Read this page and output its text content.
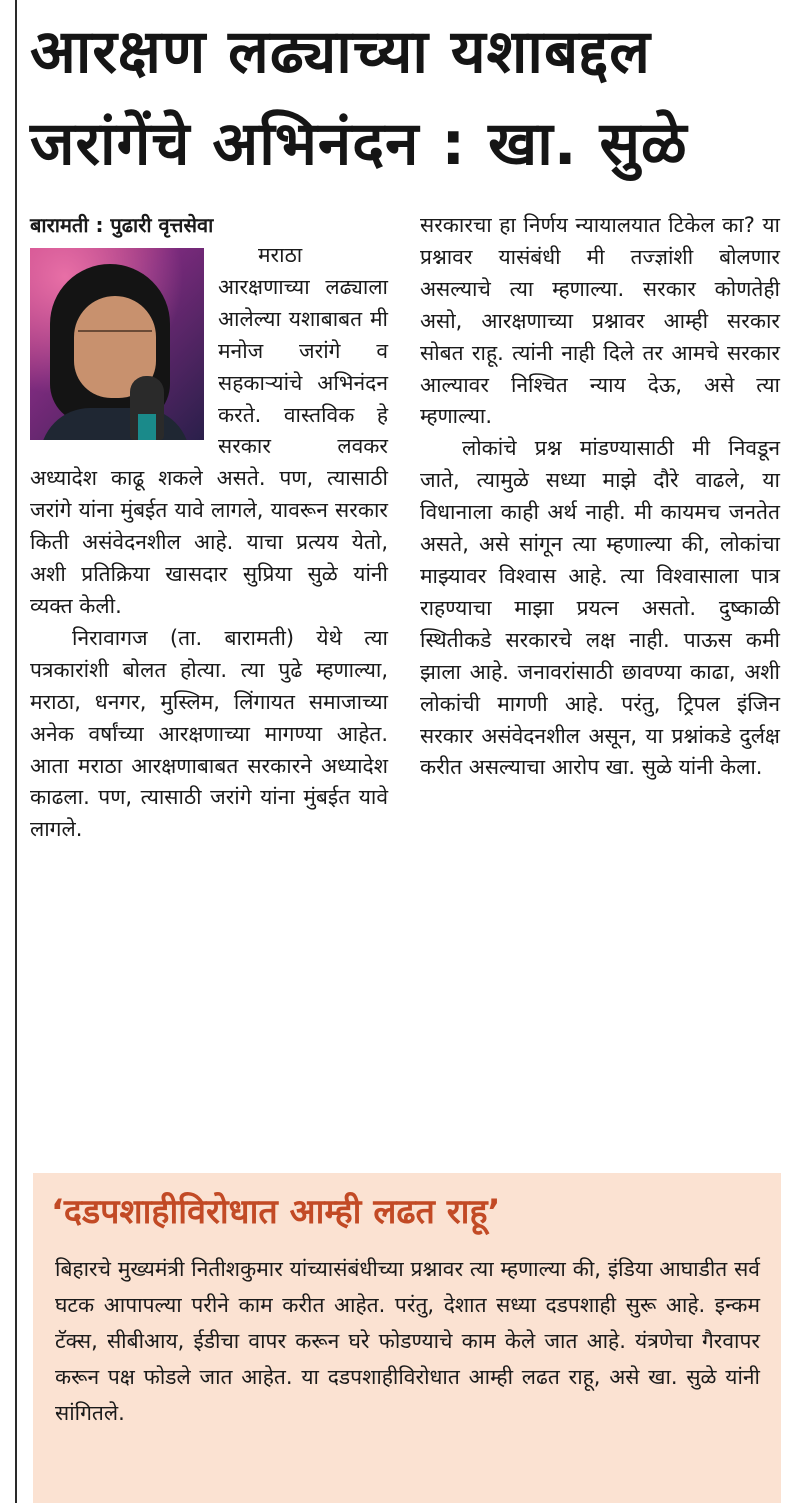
आरक्षण लढ्याच्या यशाबद्दल
जरांगेंचे अभिनंदन : खा. सुळे

बारामती : पुढारी वृत्तसेवा

मराठा आरक्षणाच्या लढ्याला आलेल्या यशाबाबत मी मनोज जरांगे व सहकाऱ्यांचे अभिनंदन करते. वास्तविक हे सरकार लवकर अध्यादेश काढू शकले असते. पण, त्यासाठी जरांगे यांना मुंबईत यावे लागले, यावरून सरकार किती असंवेदनशील आहे. याचा प्रत्यय येतो, अशी प्रतिक्रिया खासदार सुप्रिया सुळे यांनी व्यक्त केली.

निरावागज (ता. बारामती) येथे त्या पत्रकारांशी बोलत होत्या. त्या पुढे म्हणाल्या, मराठा, धनगर, मुस्लिम, लिंगायत समाजाच्या अनेक वर्षांच्या आरक्षणाच्या मागण्या आहेत. आता मराठा आरक्षणाबाबत सरकारने अध्यादेश काढला. पण, त्यासाठी जरांगे यांना मुंबईत यावे लागले.

सरकारचा हा निर्णय न्यायालयात टिकेल का? या प्रश्नावर यासंबंधी मी तज्ज्ञांशी बोलणार असल्याचे त्या म्हणाल्या. सरकार कोणतेही असो, आरक्षणाच्या प्रश्नावर आम्ही सरकार सोबत राहू. त्यांनी नाही दिले तर आमचे सरकार आल्यावर निश्चित न्याय देऊ, असे त्या म्हणाल्या.

लोकांचे प्रश्न मांडण्यासाठी मी निवडून जाते, त्यामुळे सध्या माझे दौरे वाढले, या विधानाला काही अर्थ नाही. मी कायमच जनतेत असते, असे सांगून त्या म्हणाल्या की, लोकांचा माझ्यावर विश्वास आहे. त्या विश्वासाला पात्र राहण्याचा माझा प्रयत्न असतो. दुष्काळी स्थितीकडे सरकारचे लक्ष नाही. पाऊस कमी झाला आहे. जनावरांसाठी छावण्या काढा, अशी लोकांची मागणी आहे. परंतु, ट्रिपल इंजिन सरकार असंवेदनशील असून, या प्रश्नांकडे दुर्लक्ष करीत असल्याचा आरोप खा. सुळे यांनी केला.

‘दडपशाहीविरोधात आम्ही लढत राहू’

बिहारचे मुख्यमंत्री नितीशकुमार यांच्यासंबंधीच्या प्रश्नावर त्या म्हणाल्या की, इंडिया आघाडीत सर्व घटक आपापल्या परीने काम करीत आहेत. परंतु, देशात सध्या दडपशाही सुरू आहे. इन्कम टॅक्स, सीबीआय, ईडीचा वापर करून घरे फोडण्याचे काम केले जात आहे. यंत्रणेचा गैरवापर करून पक्ष फोडले जात आहेत. या दडपशाहीविरोधात आम्ही लढत राहू, असे खा. सुळे यांनी सांगितले.
